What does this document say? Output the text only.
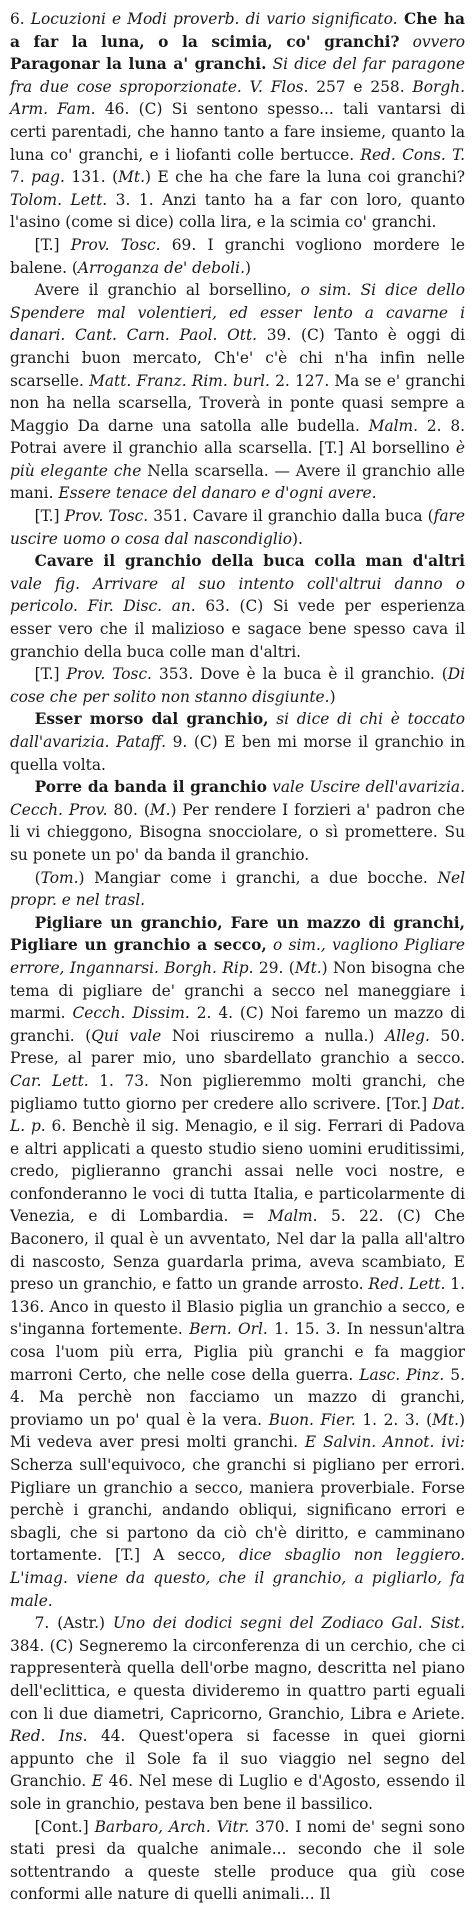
6. Locuzioni e Modi proverb. di vario significato. Che ha a far la luna, o la scimia, co' granchi? ovvero Paragonar la luna a' granchi. Si dice del far paragone fra due cose sproporzionate. V. Flos. 257 e 258. Borgh. Arm. Fam. 46. (C) Si sentono spesso... tali vantarsi di certi parentadi, che hanno tanto a fare insieme, quanto la luna co' granchi, e i liofanti colle bertucce. Red. Cons. T. 7. pag. 131. (Mt.) E che ha che fare la luna coi granchi? Tolom. Lett. 3. 1. Anzi tanto ha a far con loro, quanto l'asino (come si dice) colla lira, e la scimia co' granchi.

[T.] Prov. Tosc. 69. I granchi vogliono mordere le balene. (Arroganza de' deboli.)

Avere il granchio al borsellino, o sim. Si dice dello Spendere mal volentieri, ed esser lento a cavarne i danari. Cant. Carn. Paol. Ott. 39. (C) Tanto è oggi di granchi buon mercato, Ch'e' c'è chi n'ha infin nelle scarselle. Matt. Franz. Rim. burl. 2. 127. Ma se e' granchi non ha nella scarsella, Troverà in ponte quasi sempre a Maggio Da darne una satolla alle budella. Malm. 2. 8. Potrai avere il granchio alla scarsella. [T.] Al borsellino è più elegante che Nella scarsella. — Avere il granchio alle mani. Essere tenace del danaro e d'ogni avere.

[T.] Prov. Tosc. 351. Cavare il granchio dalla buca (fare uscire uomo o cosa dal nascondiglio).

Cavare il granchio della buca colla man d'altri vale fig. Arrivare al suo intento coll'altrui danno o pericolo. Fir. Disc. an. 63. (C) Si vede per esperienza esser vero che il malizioso e sagace bene spesso cava il granchio della buca colle man d'altri.

[T.] Prov. Tosc. 353. Dove è la buca è il granchio. (Di cose che per solito non stanno disgiunte.)

Esser morso dal granchio, si dice di chi è toccato dall'avarizia. Pataff. 9. (C) E ben mi morse il granchio in quella volta.

Porre da banda il granchio vale Uscire dell'avarizia. Cecch. Prov. 80. (M.) Per rendere I forzieri a' padron che li vi chieggono, Bisogna snocciolare, o sì promettere. Su su ponete un po' da banda il granchio.

(Tom.) Mangiar come i granchi, a due bocche. Nel propr. e nel trasl.

Pigliare un granchio, Fare un mazzo di granchi, Pigliare un granchio a secco, o sim., vagliono Pigliare errore, Ingannarsi. Borgh. Rip. 29. (Mt.) Non bisogna che tema di pigliare de' granchi a secco nel maneggiare i marmi. Cecch. Dissim. 2. 4. (C) Noi faremo un mazzo di granchi. (Qui vale Noi riusciremo a nulla.) Alleg. 50. Prese, al parer mio, uno sbardellato granchio a secco. Car. Lett. 1. 73. Non piglieremmo molti granchi, che pigliamo tutto giorno per credere allo scrivere. [Tor.] Dat. L. p. 6. Benchè il sig. Menagio, e il sig. Ferrari di Padova e altri applicati a questo studio sieno uomini eruditissimi, credo, piglieranno granchi assai nelle voci nostre, e confonderanno le voci di tutta Italia, e particolarmente di Venezia, e di Lombardia. = Malm. 5. 22. (C) Che Baconero, il qual è un avventato, Nel dar la palla all'altro di nascosto, Senza guardarla prima, aveva scambiato, E preso un granchio, e fatto un grande arrosto. Red. Lett. 1. 136. Anco in questo il Blasio piglia un granchio a secco, e s'inganna fortemente. Bern. Orl. 1. 15. 3. In nessun'altra cosa l'uom più erra, Piglia più granchi e fa maggior marroni Certo, che nelle cose della guerra. Lasc. Pinz. 5. 4. Ma perchè non facciamo un mazzo di granchi, proviamo un po' qual è la vera. Buon. Fier. 1. 2. 3. (Mt.) Mi vedeva aver presi molti granchi. E Salvin. Annot. ivi: Scherza sull'equivoco, che granchi si pigliano per errori. Pigliare un granchio a secco, maniera proverbiale. Forse perchè i granchi, andando obliqui, significano errori e sbagli, che si partono da ciò ch'è diritto, e camminano tortamente. [T.] A secco, dice sbaglio non leggiero. L'imag. viene da questo, che il granchio, a pigliarlo, fa male.

7. (Astr.) Uno dei dodici segni del Zodiaco Gal. Sist. 384. (C) Segneremo la circonferenza di un cerchio, che ci rappresenterà quella dell'orbe magno, descritta nel piano dell'eclittica, e questa divideremo in quattro parti eguali con li due diametri, Capricorno, Granchio, Libra e Ariete. Red. Ins. 44. Quest'opera si facesse in quei giorni appunto che il Sole fa il suo viaggio nel segno del Granchio. E 46. Nel mese di Luglio e d'Agosto, essendo il sole in granchio, pestava ben bene il bassilico.

[Cont.] Barbaro, Arch. Vitr. 370. I nomi de' segni sono stati presi da qualche animale... secondo che il sole sottentrando a queste stelle produce qua giù cose conformi alle nature di quelli animali... Il
